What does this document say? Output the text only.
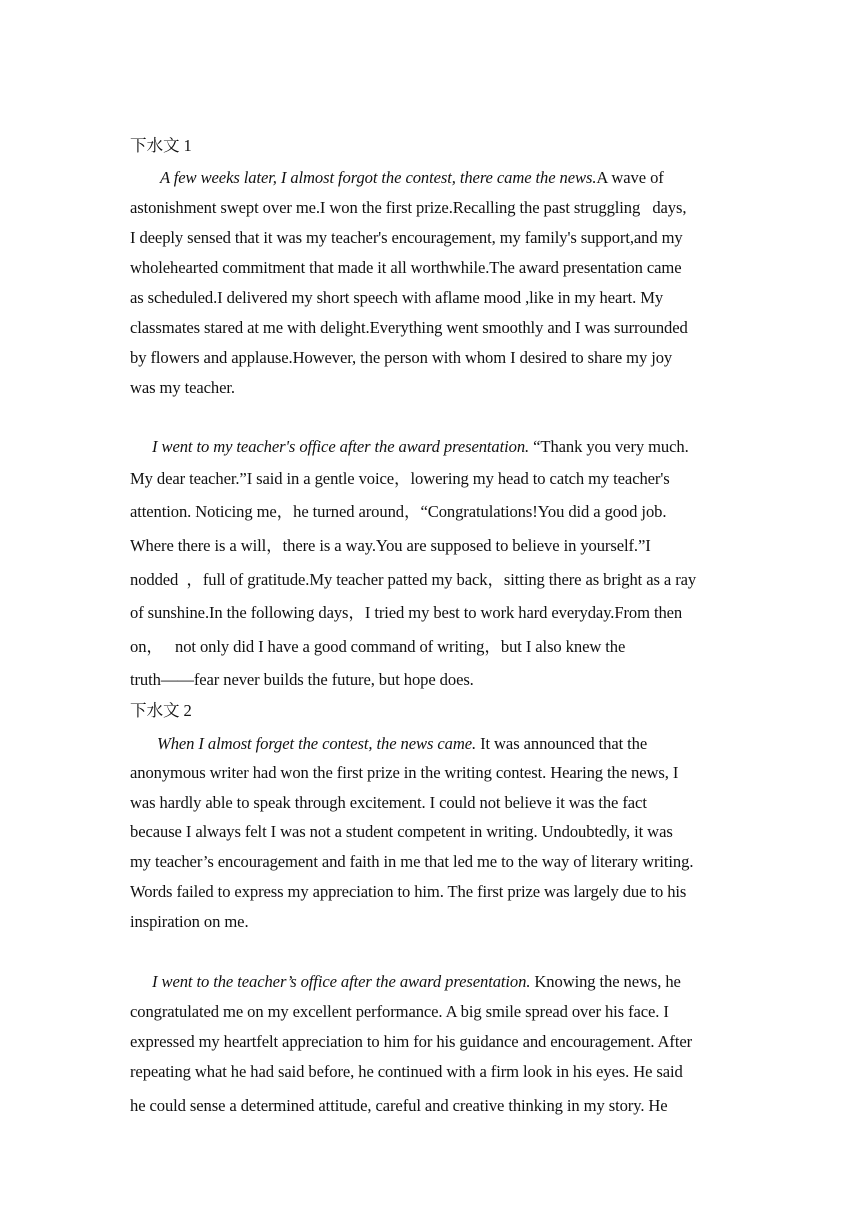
下水文 1
A few weeks later, I almost forgot the contest, there came the news.A wave of
astonishment swept over me.I won the first prize.Recalling the past struggling   days,
I deeply sensed that it was my teacher's encouragement, my family's support,and my
wholehearted commitment that made it all worthwhile.The award presentation came
as scheduled.I delivered my short speech with aflame mood ,like in my heart. My
classmates stared at me with delight.Everything went smoothly and I was surrounded
by flowers and applause.However, the person with whom I desired to share my joy
was my teacher.
I went to my teacher's office after the award presentation. “Thank you very much.
My dear teacher.”I said in a gentle voice，lowering my head to catch my teacher's
attention. Noticing me，he turned around，“Congratulations!You did a good job.
Where there is a will，there is a way.You are supposed to believe in yourself.”I
nodded  ，full of gratitude.My teacher patted my back，sitting there as bright as a ray
of sunshine.In the following days，I tried my best to work hard everyday.From then
on，   not only did I have a good command of writing，but I also knew the
truth——fear never builds the future, but hope does.
下水文 2
When I almost forget the contest, the news came. It was announced that the
anonymous writer had won the first prize in the writing contest. Hearing the news, I
was hardly able to speak through excitement. I could not believe it was the fact
because I always felt I was not a student competent in writing. Undoubtedly, it was
my teacher’s encouragement and faith in me that led me to the way of literary writing.
Words failed to express my appreciation to him. The first prize was largely due to his
inspiration on me.
I went to the teacher’s office after the award presentation. Knowing the news, he
congratulated me on my excellent performance. A big smile spread over his face. I
expressed my heartfelt appreciation to him for his guidance and encouragement. After
repeating what he had said before, he continued with a firm look in his eyes. He said
he could sense a determined attitude, careful and creative thinking in my story. He
